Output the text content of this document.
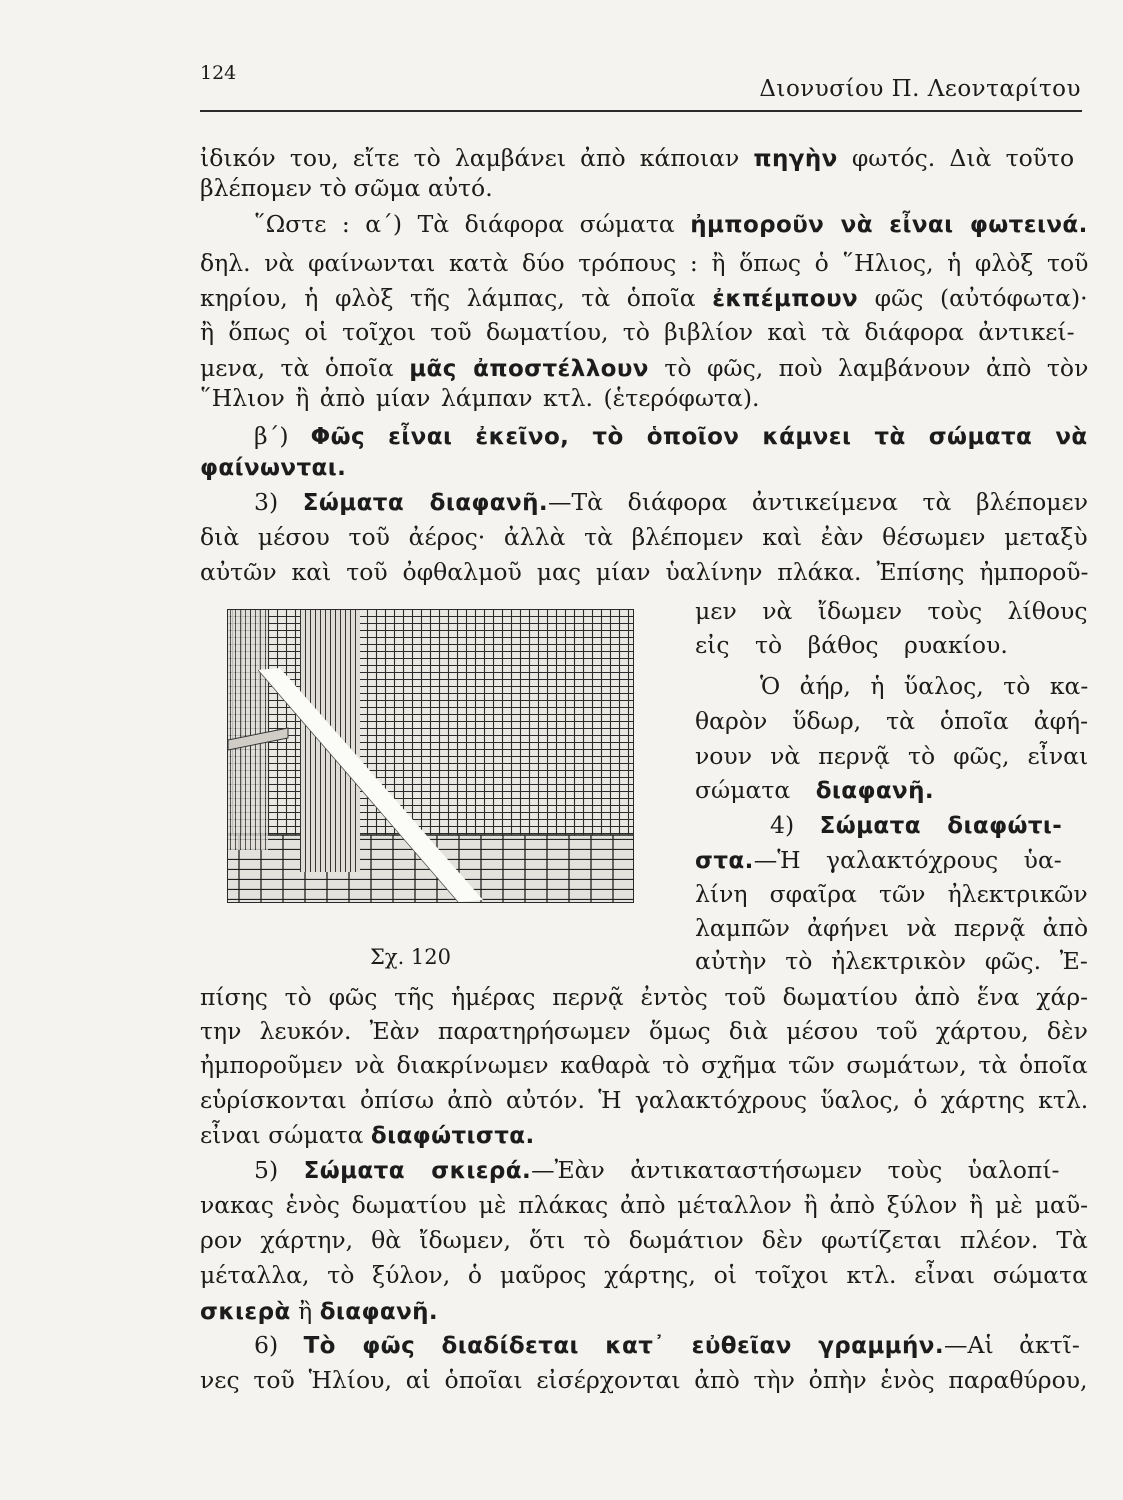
124
Διονυσίου Π. Λεονταρίτου
ἰδικόν του, εἴτε τὸ λαμβάνει ἀπὸ κάποιαν πηγὴν φωτός. Διὰ τοῦτο
βλέπομεν τὸ σῶμα αὐτό.
῞Ωστε : α΄) Τὰ διάφορα σώματα ἠμποροῦν νὰ εἶναι φωτεινά.
δηλ. νὰ φαίνωνται κατὰ δύο τρόπους : ἢ ὅπως ὁ ῞Ηλιος, ἡ φλὸξ τοῦ
κηρίου, ἡ φλὸξ τῆς λάμπας, τὰ ὁποῖα ἐκπέμπουν φῶς (αὐτόφωτα)·
ἢ ὅπως οἱ τοῖχοι τοῦ δωματίου, τὸ βιβλίον καὶ τὰ διάφορα ἀντικεί-
μενα, τὰ ὁποῖα μᾶς ἀποστέλλουν τὸ φῶς, ποὺ λαμβάνουν ἀπὸ τὸν
῞Ηλιον ἢ ἀπὸ μίαν λάμπαν κτλ. (ἑτερόφωτα).
β΄) Φῶς εἶναι ἐκεῖνο, τὸ ὁποῖον κάμνει τὰ σώματα νὰ
φαίνωνται.
3) Σώματα διαφανῆ.—Τὰ διάφορα ἀντικείμενα τὰ βλέπομεν
διὰ μέσου τοῦ ἀέρος· ἀλλὰ τὰ βλέπομεν καὶ ἐὰν θέσωμεν μεταξὺ
αὐτῶν καὶ τοῦ ὀφθαλμοῦ μας μίαν ὑαλίνην πλάκα. Ἐπίσης ἠμποροῦ-
μεν νὰ ἴδωμεν τοὺς λίθους
εἰς τὸ βάθος ρυακίου.
Ὁ ἀήρ, ἡ ὕαλος, τὸ κα-
θαρὸν ὕδωρ, τὰ ὁποῖα ἀφή-
νουν νὰ περνᾷ τὸ φῶς, εἶναι
σώματα διαφανῆ.
4) Σώματα διαφώτι-
στα.—Ἡ γαλακτόχρους ὑα-
λίνη σφαῖρα τῶν ἠλεκτρικῶν
λαμπῶν ἀφήνει νὰ περνᾷ ἀπὸ
αὐτὴν τὸ ἠλεκτρικὸν φῶς. Ἐ-
πίσης τὸ φῶς τῆς ἡμέρας περνᾷ ἐντὸς τοῦ δωματίου ἀπὸ ἕνα χάρ-
την λευκόν. Ἐὰν παρατηρήσωμεν ὅμως διὰ μέσου τοῦ χάρτου, δὲν
ἠμποροῦμεν νὰ διακρίνωμεν καθαρὰ τὸ σχῆμα τῶν σωμάτων, τὰ ὁποῖα
εὑρίσκονται ὀπίσω ἀπὸ αὐτόν. Ἡ γαλακτόχρους ὕαλος, ὁ χάρτης κτλ.
εἶναι σώματα διαφώτιστα.
5) Σώματα σκιερά.—Ἐὰν ἀντικαταστήσωμεν τοὺς ὑαλοπί-
νακας ἑνὸς δωματίου μὲ πλάκας ἀπὸ μέταλλον ἢ ἀπὸ ξύλον ἢ μὲ μαῦ-
ρον χάρτην, θὰ ἴδωμεν, ὅτι τὸ δωμάτιον δὲν φωτίζεται πλέον. Τὰ
μέταλλα, τὸ ξύλον, ὁ μαῦρος χάρτης, οἱ τοῖχοι κτλ. εἶναι σώματα
σκιερὰ ἢ διαφανῆ.
6) Τὸ φῶς διαδίδεται κατ᾽ εὐθεῖαν γραμμήν.—Αἱ ἀκτῖ-
νες τοῦ Ἡλίου, αἱ ὁποῖαι εἰσέρχονται ἀπὸ τὴν ὀπὴν ἑνὸς παραθύρου,
Σχ. 120
